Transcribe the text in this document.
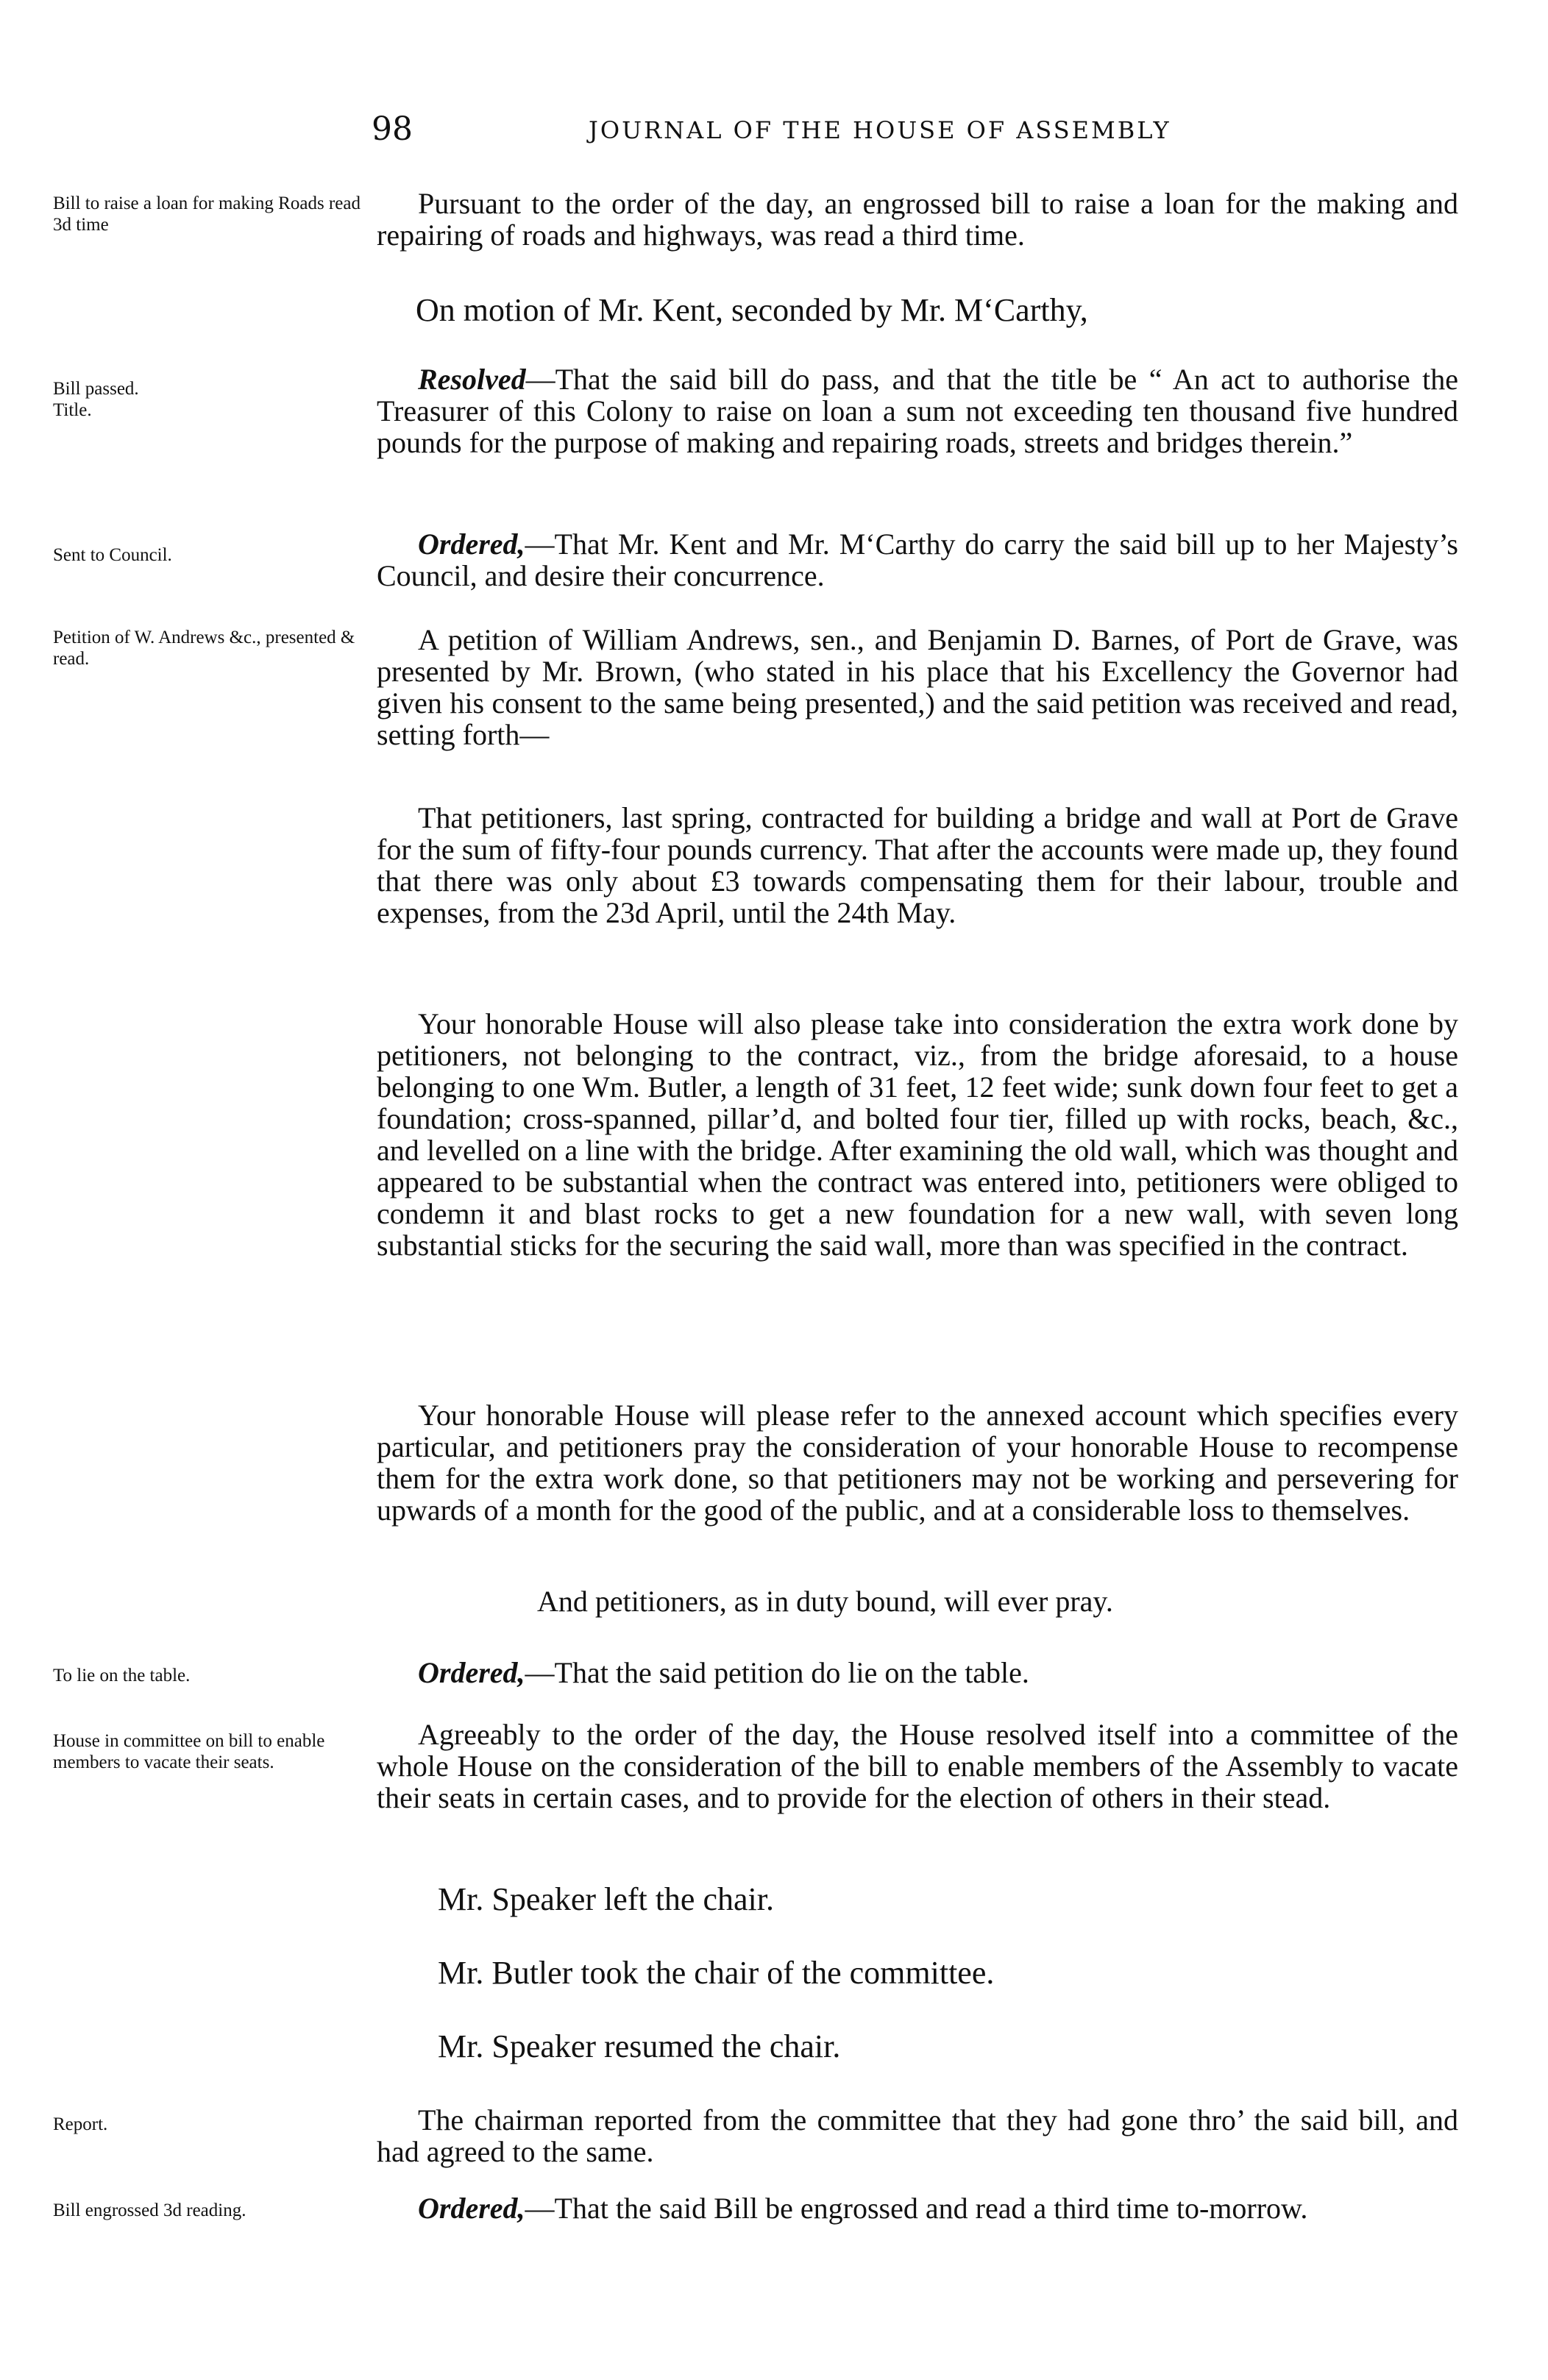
98	JOURNAL OF THE HOUSE OF ASSEMBLY
Bill to raise a loan for making Roads read 3d time
Bill passed.
Title.
Sent to Council.
Petition of W. Andrews &c., presented & read.
To lie on the table.
House in committee on bill to enable members to vacate their seats.
Report.
Bill engrossed 3d reading.

Pursuant to the order of the day, an engrossed bill to raise a loan for the making and repairing of roads and highways, was read a third time.

On motion of Mr. Kent, seconded by Mr. M‘Carthy,

Resolved—That the said bill do pass, and that the title be “ An act to authorise the Treasurer of this Colony to raise on loan a sum not exceeding ten thousand five hundred pounds for the purpose of making and repairing roads, streets and bridges therein.”

Ordered,—That Mr. Kent and Mr. M‘Carthy do carry the said bill up to her Majesty’s Council, and desire their concurrence.

A petition of William Andrews, sen., and Benjamin D. Barnes, of Port de Grave, was presented by Mr. Brown, (who stated in his place that his Excellency the Governor had given his consent to the same being presented,) and the said petition was received and read, setting forth—

That petitioners, last spring, contracted for building a bridge and wall at Port de Grave for the sum of fifty-four pounds currency. That after the accounts were made up, they found that there was only about £3 towards compensating them for their labour, trouble and expenses, from the 23d April, until the 24th May.

Your honorable House will also please take into consideration the extra work done by petitioners, not belonging to the contract, viz., from the bridge aforesaid, to a house belonging to one Wm. Butler, a length of 31 feet, 12 feet wide; sunk down four feet to get a foundation; cross-spanned, pillar’d, and bolted four tier, filled up with rocks, beach, &c., and levelled on a line with the bridge. After examining the old wall, which was thought and appeared to be substantial when the contract was entered into, petitioners were obliged to condemn it and blast rocks to get a new foundation for a new wall, with seven long substantial sticks for the securing the said wall, more than was specified in the contract.

Your honorable House will please refer to the annexed account which specifies every particular, and petitioners pray the consideration of your honorable House to recompense them for the extra work done, so that petitioners may not be working and persevering for upwards of a month for the good of the public, and at a considerable loss to themselves.

And petitioners, as in duty bound, will ever pray.

Ordered,—That the said petition do lie on the table.

Agreeably to the order of the day, the House resolved itself into a committee of the whole House on the consideration of the bill to enable members of the Assembly to vacate their seats in certain cases, and to provide for the election of others in their stead.

Mr. Speaker left the chair.

Mr. Butler took the chair of the committee.

Mr. Speaker resumed the chair.

The chairman reported from the committee that they had gone thro’ the said bill, and had agreed to the same.

Ordered,—That the said Bill be engrossed and read a third time to-morrow.
